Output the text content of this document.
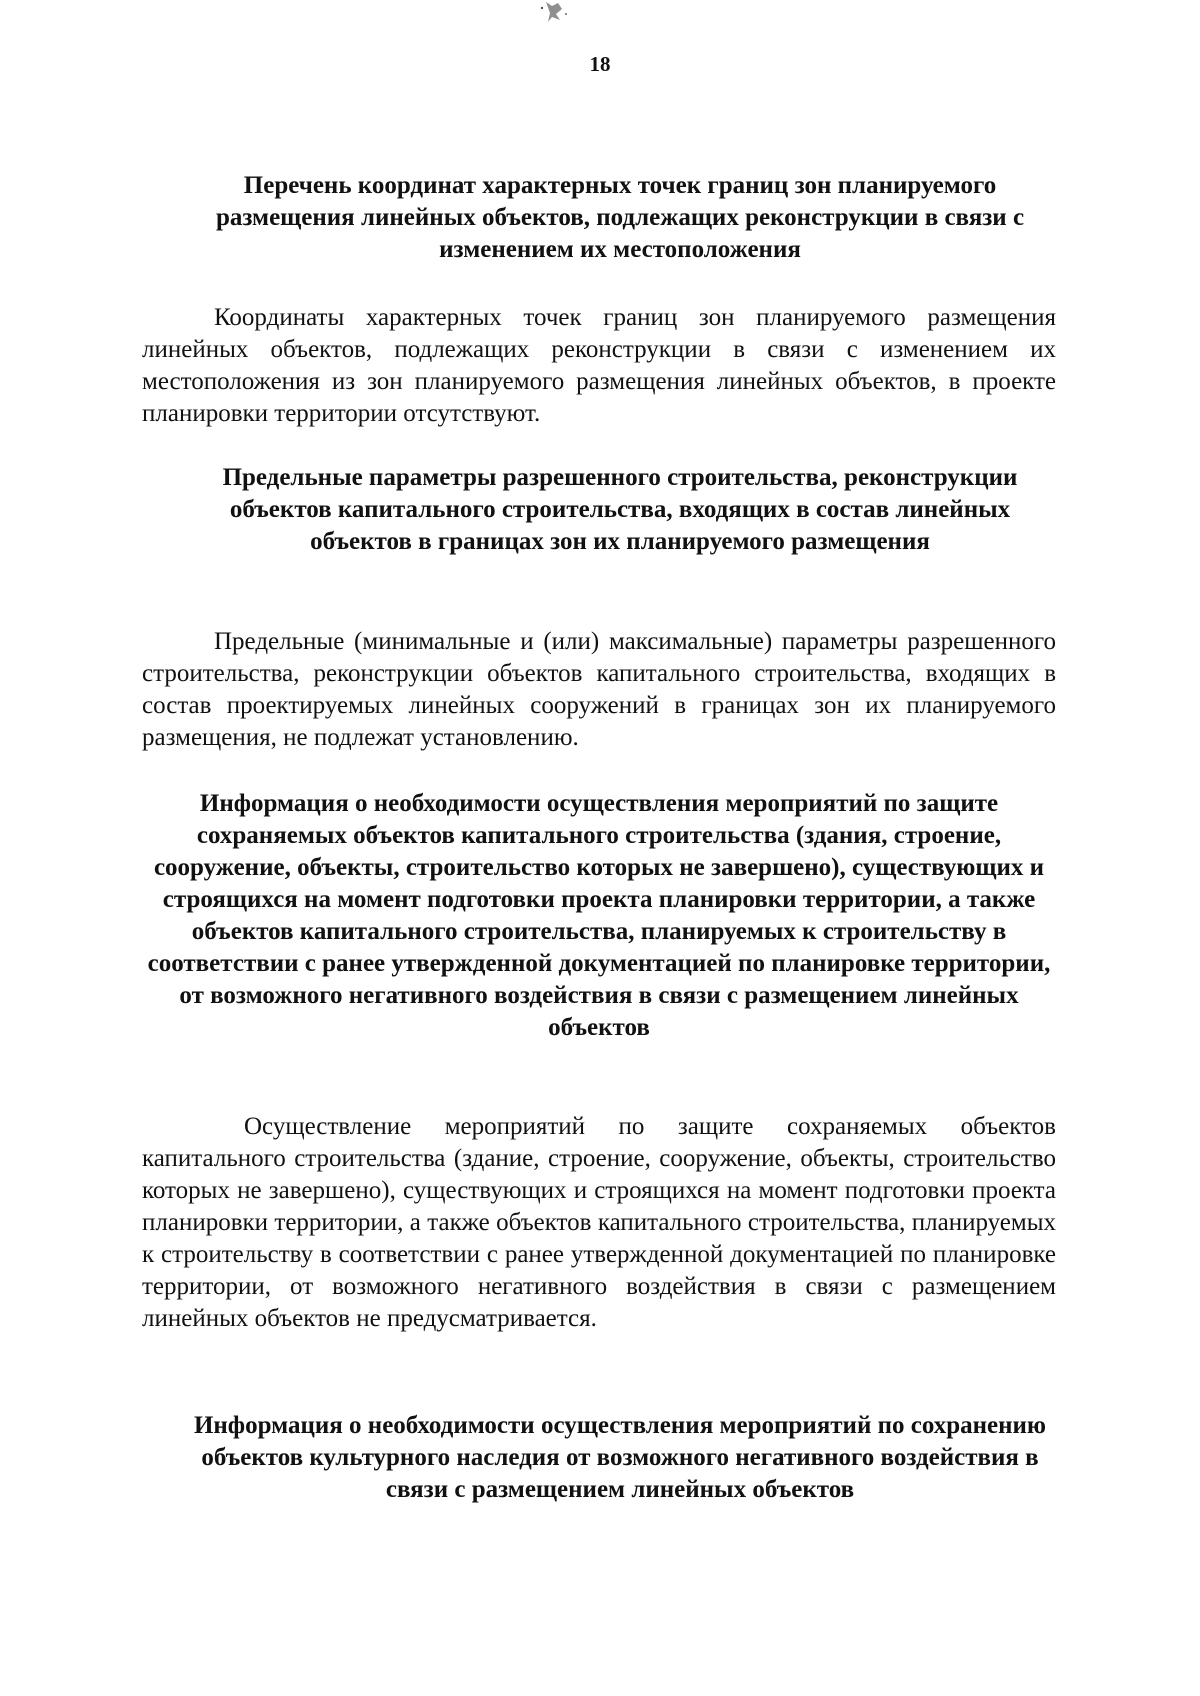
18
Перечень координат характерных точек границ зон планируемого размещения линейных объектов, подлежащих реконструкции в связи с изменением их местоположения

Координаты характерных точек границ зон планируемого размещения линейных объектов, подлежащих реконструкции в связи с изменением их местоположения из зон планируемого размещения линейных объектов, в проекте планировки территории отсутствуют.

Предельные параметры разрешенного строительства, реконструкции объектов капитального строительства, входящих в состав линейных объектов в границах зон их планируемого размещения

Предельные (минимальные и (или) максимальные) параметры разрешенного строительства, реконструкции объектов капитального строительства, входящих в состав проектируемых линейных сооружений в границах зон их планируемого размещения, не подлежат установлению.

Информация о необходимости осуществления мероприятий по защите сохраняемых объектов капитального строительства (здания, строение, сооружение, объекты, строительство которых не завершено), существующих и строящихся на момент подготовки проекта планировки территории, а также объектов капитального строительства, планируемых к строительству в соответствии с ранее утвержденной документацией по планировке территории, от возможного негативного воздействия в связи с размещением линейных объектов

Осуществление мероприятий по защите сохраняемых объектов капитального строительства (здание, строение, сооружение, объекты, строительство которых не завершено), существующих и строящихся на момент подготовки проекта планировки территории, а также объектов капитального строительства, планируемых к строительству в соответствии с ранее утвержденной документацией по планировке территории, от возможного негативного воздействия в связи с размещением линейных объектов не предусматривается.

Информация о необходимости осуществления мероприятий по сохранению объектов культурного наследия от возможного негативного воздействия в связи с размещением линейных объектов
